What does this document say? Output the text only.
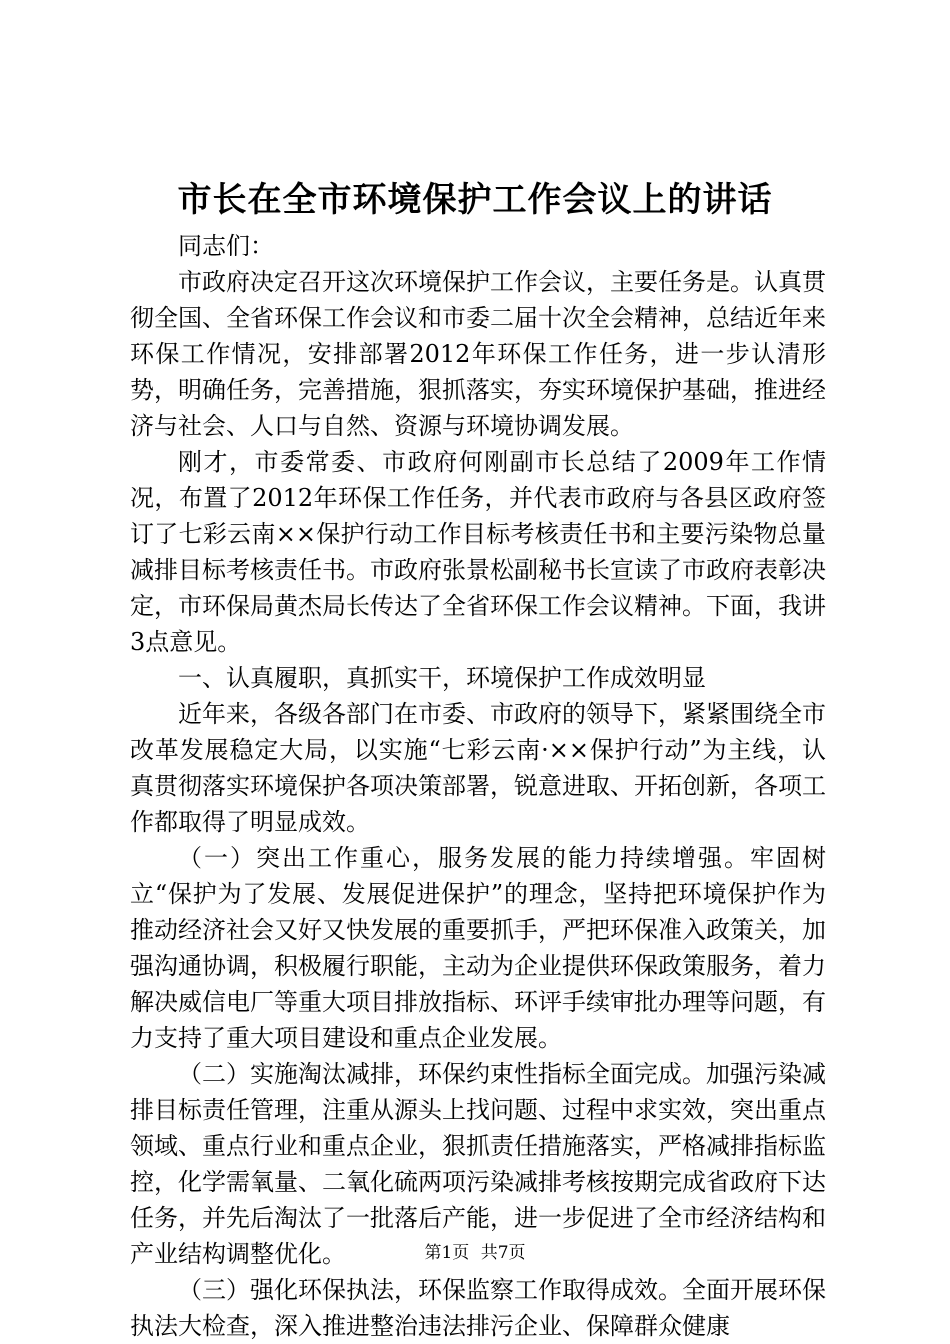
市长在全市环境保护工作会议上的讲话

同志们：

市政府决定召开这次环境保护工作会议，主要任务是。认真贯彻全国、全省环保工作会议和市委二届十次全会精神，总结近年来环保工作情况，安排部署2012年环保工作任务，进一步认清形势，明确任务，完善措施，狠抓落实，夯实环境保护基础，推进经济与社会、人口与自然、资源与环境协调发展。

刚才，市委常委、市政府何刚副市长总结了2009年工作情况，布置了2012年环保工作任务，并代表市政府与各县区政府签订了七彩云南××保护行动工作目标考核责任书和主要污染物总量减排目标考核责任书。市政府张景松副秘书长宣读了市政府表彰决定，市环保局黄杰局长传达了全省环保工作会议精神。下面，我讲3点意见。

一、认真履职，真抓实干，环境保护工作成效明显

近年来，各级各部门在市委、市政府的领导下，紧紧围绕全市改革发展稳定大局，以实施“七彩云南·××保护行动”为主线，认真贯彻落实环境保护各项决策部署，锐意进取、开拓创新，各项工作都取得了明显成效。

（一）突出工作重心，服务发展的能力持续增强。牢固树立“保护为了发展、发展促进保护”的理念，坚持把环境保护作为推动经济社会又好又快发展的重要抓手，严把环保准入政策关，加强沟通协调，积极履行职能，主动为企业提供环保政策服务，着力解决威信电厂等重大项目排放指标、环评手续审批办理等问题，有力支持了重大项目建设和重点企业发展。

（二）实施淘汰减排，环保约束性指标全面完成。加强污染减排目标责任管理，注重从源头上找问题、过程中求实效，突出重点领域、重点行业和重点企业，狠抓责任措施落实，严格减排指标监控，化学需氧量、二氧化硫两项污染减排考核按期完成省政府下达任务，并先后淘汰了一批落后产能，进一步促进了全市经济结构和产业结构调整优化。

（三）强化环保执法，环保监察工作取得成效。全面开展环保执法大检查，深入推进整治违法排污企业、保障群众健康

第1页 共7页
